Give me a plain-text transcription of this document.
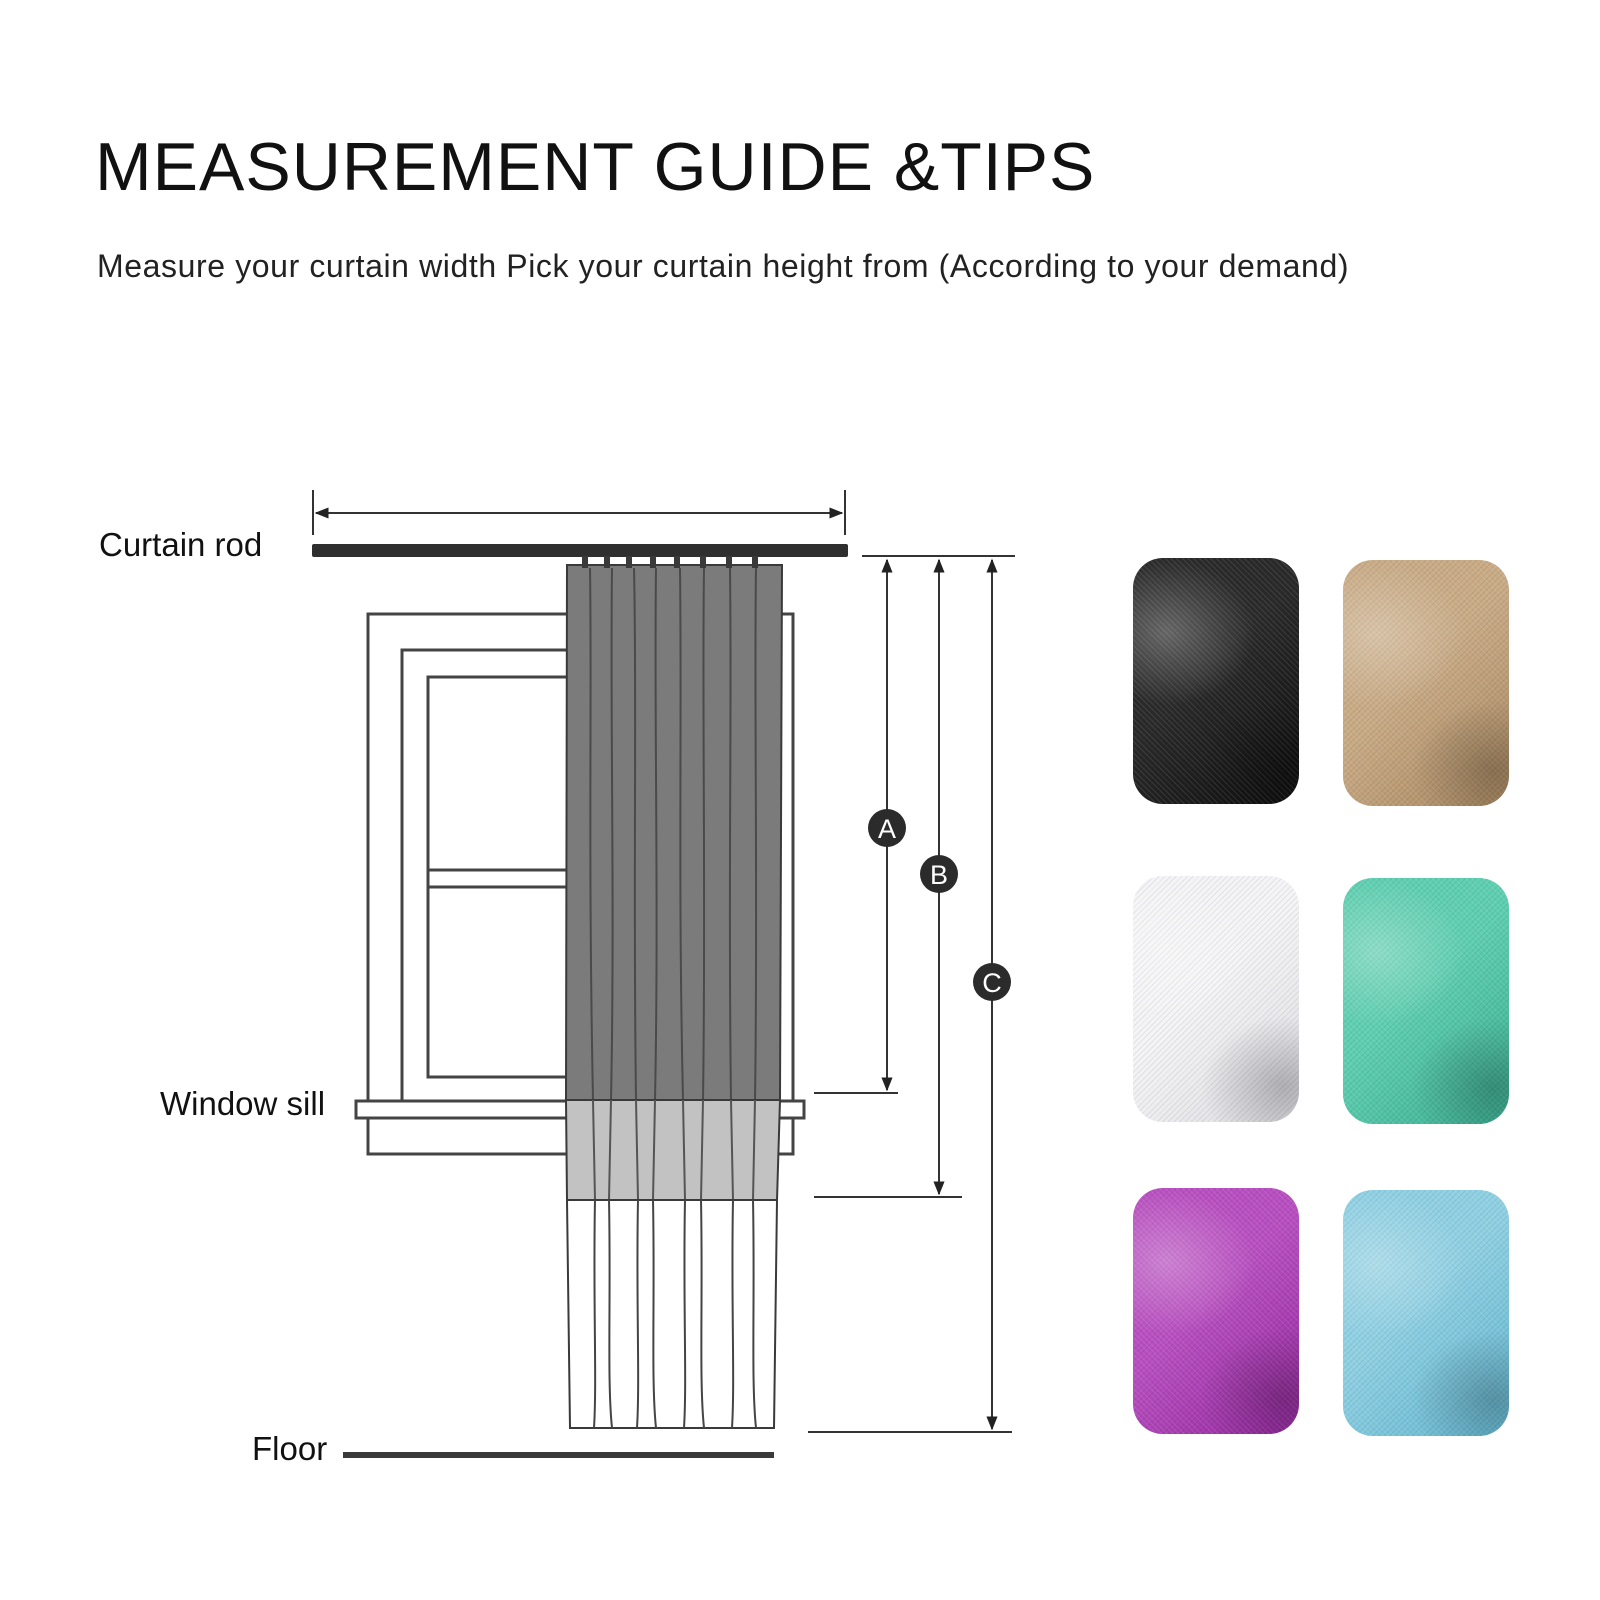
MEASUREMENT GUIDE &TIPS
Measure your curtain width Pick your curtain height from (According to your demand)
A
B
C
Curtain rod
Window sill
Floor
